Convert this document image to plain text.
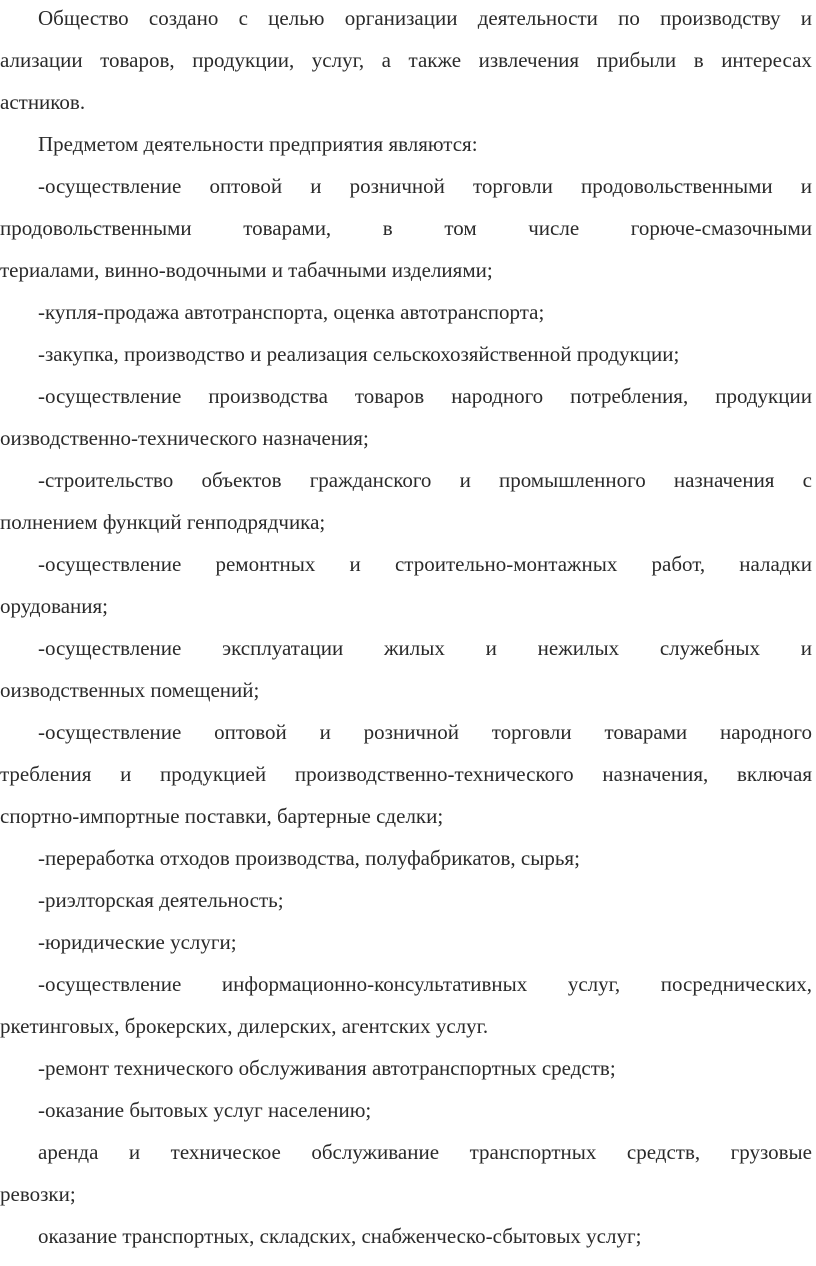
Общество создано с целью организации деятельности по производству и
ализации товаров, продукции, услуг, а также извлечения прибыли в интересах
астников.
Предметом деятельности предприятия являются:
-осуществление оптовой и розничной торговли продовольственными и
продовольственными товарами, в том числе горюче-смазочными
териалами, винно-водочными и табачными изделиями;
-купля-продажа автотранспорта, оценка автотранспорта;
-закупка, производство и реализация сельскохозяйственной продукции;
-осуществление производства товаров народного потребления, продукции
оизводственно-технического назначения;
-строительство объектов гражданского и промышленного назначения с
полнением функций генподрядчика;
-осуществление ремонтных и строительно-монтажных работ, наладки
орудования;
-осуществление эксплуатации жилых и нежилых служебных и
оизводственных помещений;
-осуществление оптовой и розничной торговли товарами народного
требления и продукцией производственно-технического назначения, включая
спортно-импортные поставки, бартерные сделки;
-переработка отходов производства, полуфабрикатов, сырья;
-риэлторская деятельность;
-юридические услуги;
-осуществление информационно-консультативных услуг, посреднических,
ркетинговых, брокерских, дилерских, агентских услуг.
-ремонт технического обслуживания автотранспортных средств;
-оказание бытовых услуг населению;
аренда и техническое обслуживание транспортных средств, грузовые
ревозки;
оказание транспортных, складских, снабженческо-сбытовых услуг;
